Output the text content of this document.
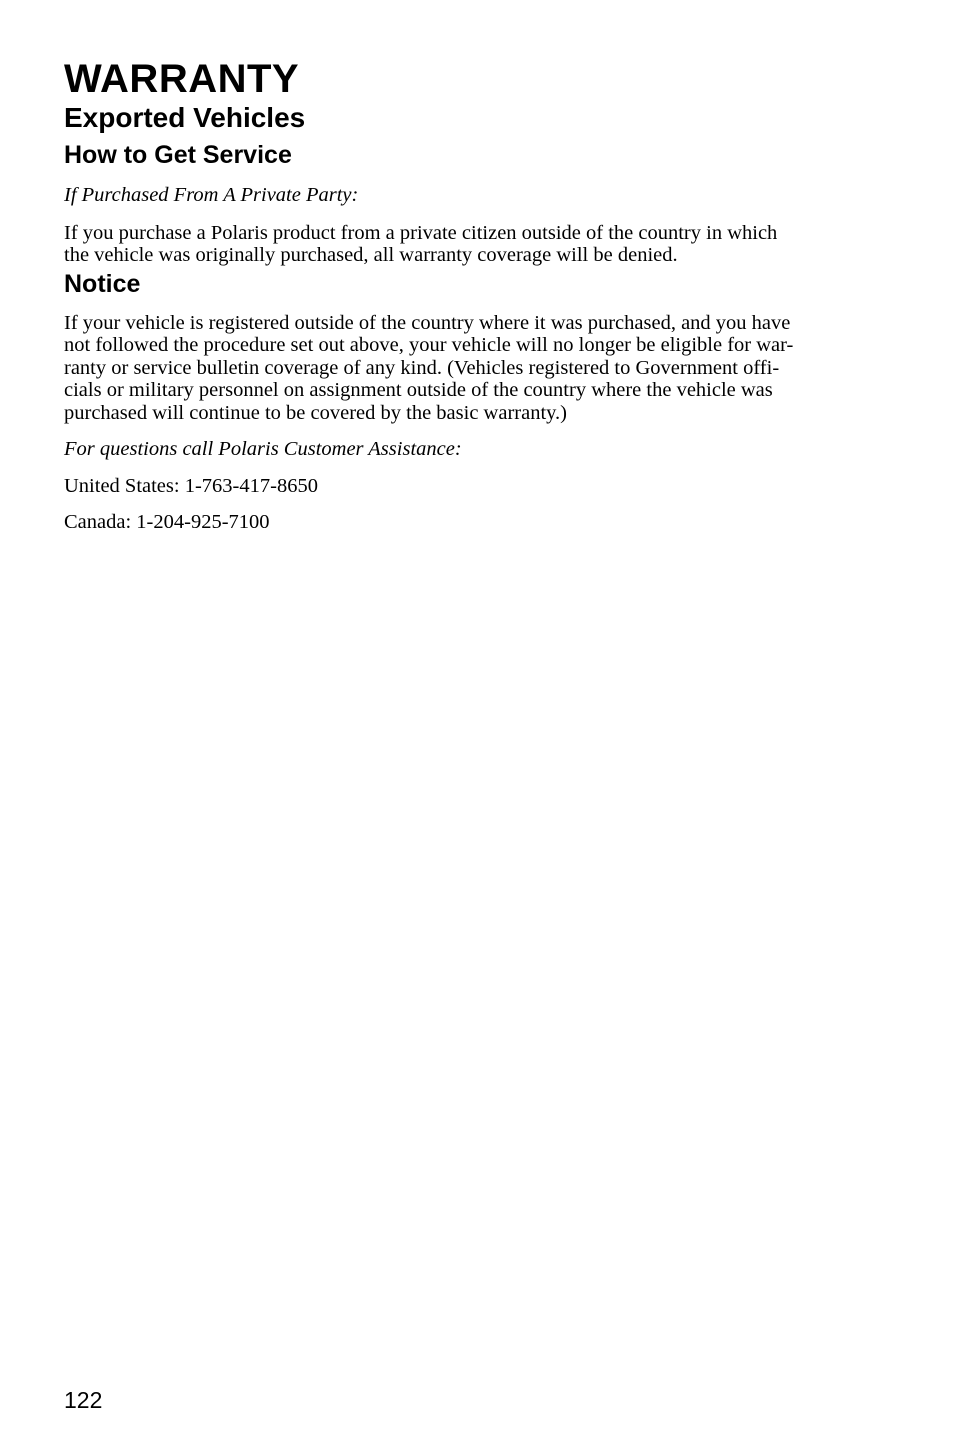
WARRANTY
Exported Vehicles
How to Get Service

If Purchased From A Private Party:

If you purchase a Polaris product from a private citizen outside of the country in which
the vehicle was originally purchased, all warranty coverage will be denied.

Notice

If your vehicle is registered outside of the country where it was purchased, and you have
not followed the procedure set out above, your vehicle will no longer be eligible for war-
ranty or service bulletin coverage of any kind. (Vehicles registered to Government offi-
cials or military personnel on assignment outside of the country where the vehicle was
purchased will continue to be covered by the basic warranty.)

For questions call Polaris Customer Assistance:

United States: 1-763-417-8650

Canada: 1-204-925-7100

122
